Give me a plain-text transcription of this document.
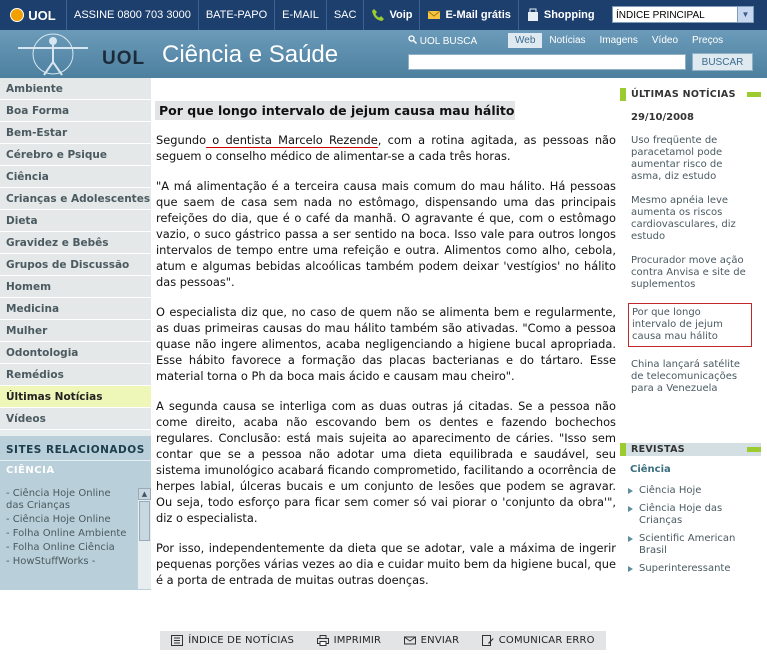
UOL	ASSINE 0800 703 3000	BATE-PAPO	E-MAIL	SAC	Voip	E-Mail grátis	Shopping	ÍNDICE PRINCIPAL	▼
UOL Ciência e Saúde	UOL BUSCA	Web	Notícias	Imagens	Vídeo	Preços
BUSCAR
Ambiente
Boa Forma
Bem-Estar
Cérebro e Psique
Ciência
Crianças e Adolescentes
Dieta
Gravidez e Bebês
Grupos de Discussão
Homem
Medicina
Mulher
Odontologia
Remédios
Últimas Notícias
Vídeos
SITES RELACIONADOS
CIÊNCIA
- Ciência Hoje Online das Crianças
- Ciência Hoje Online
- Folha Online Ambiente
- Folha Online Ciência
- HowStuffWorks -
▲
Por que longo intervalo de jejum causa mau hálito

Segundo o dentista Marcelo Rezende, com a rotina agitada, as pessoas não seguem o conselho médico de alimentar-se a cada três horas.

"A má alimentação é a terceira causa mais comum do mau hálito. Há pessoas que saem de casa sem nada no estômago, dispensando uma das principais refeições do dia, que é o café da manhã. O agravante é que, com o estômago vazio, o suco gástrico passa a ser sentido na boca. Isso vale para outros longos intervalos de tempo entre uma refeição e outra. Alimentos como alho, cebola, atum e algumas bebidas alcoólicas também podem deixar 'vestígios' no hálito das pessoas".

O especialista diz que, no caso de quem não se alimenta bem e regularmente, as duas primeiras causas do mau hálito também são ativadas. "Como a pessoa quase não ingere alimentos, acaba negligenciando a higiene bucal apropriada. Esse hábito favorece a formação das placas bacterianas e do tártaro. Esse material torna o Ph da boca mais ácido e causam mau cheiro".

A segunda causa se interliga com as duas outras já citadas. Se a pessoa não come direito, acaba não escovando bem os dentes e fazendo bochechos regulares. Conclusão: está mais sujeita ao aparecimento de cáries. "Isso sem contar que se a pessoa não adotar uma dieta equilibrada e saudável, seu sistema imunológico acabará ficando comprometido, facilitando a ocorrência de herpes labial, úlceras bucais e um conjunto de lesões que podem se agravar. Ou seja, todo esforço para ficar sem comer só vai piorar o 'conjunto da obra'", diz o especialista.

Por isso, independentemente da dieta que se adotar, vale a máxima de ingerir pequenas porções várias vezes ao dia e cuidar muito bem da higiene bucal, que é a porta de entrada de muitas outras doenças.

ÚLTIMAS NOTÍCIAS
29/10/2008
Uso freqüente de paracetamol pode aumentar risco de asma, diz estudo
Mesmo apnéia leve aumenta os riscos cardiovasculares, diz estudo
Procurador move ação contra Anvisa e site de suplementos
Por que longo intervalo de jejum causa mau hálito
China lançará satélite de telecomunicações para a Venezuela
REVISTAS
Ciência
Ciência Hoje
Ciência Hoje das Crianças
Scientific American Brasil
Superinteressante
ÍNDICE DE NOTÍCIAS	IMPRIMIR	ENVIAR	COMUNICAR ERRO
